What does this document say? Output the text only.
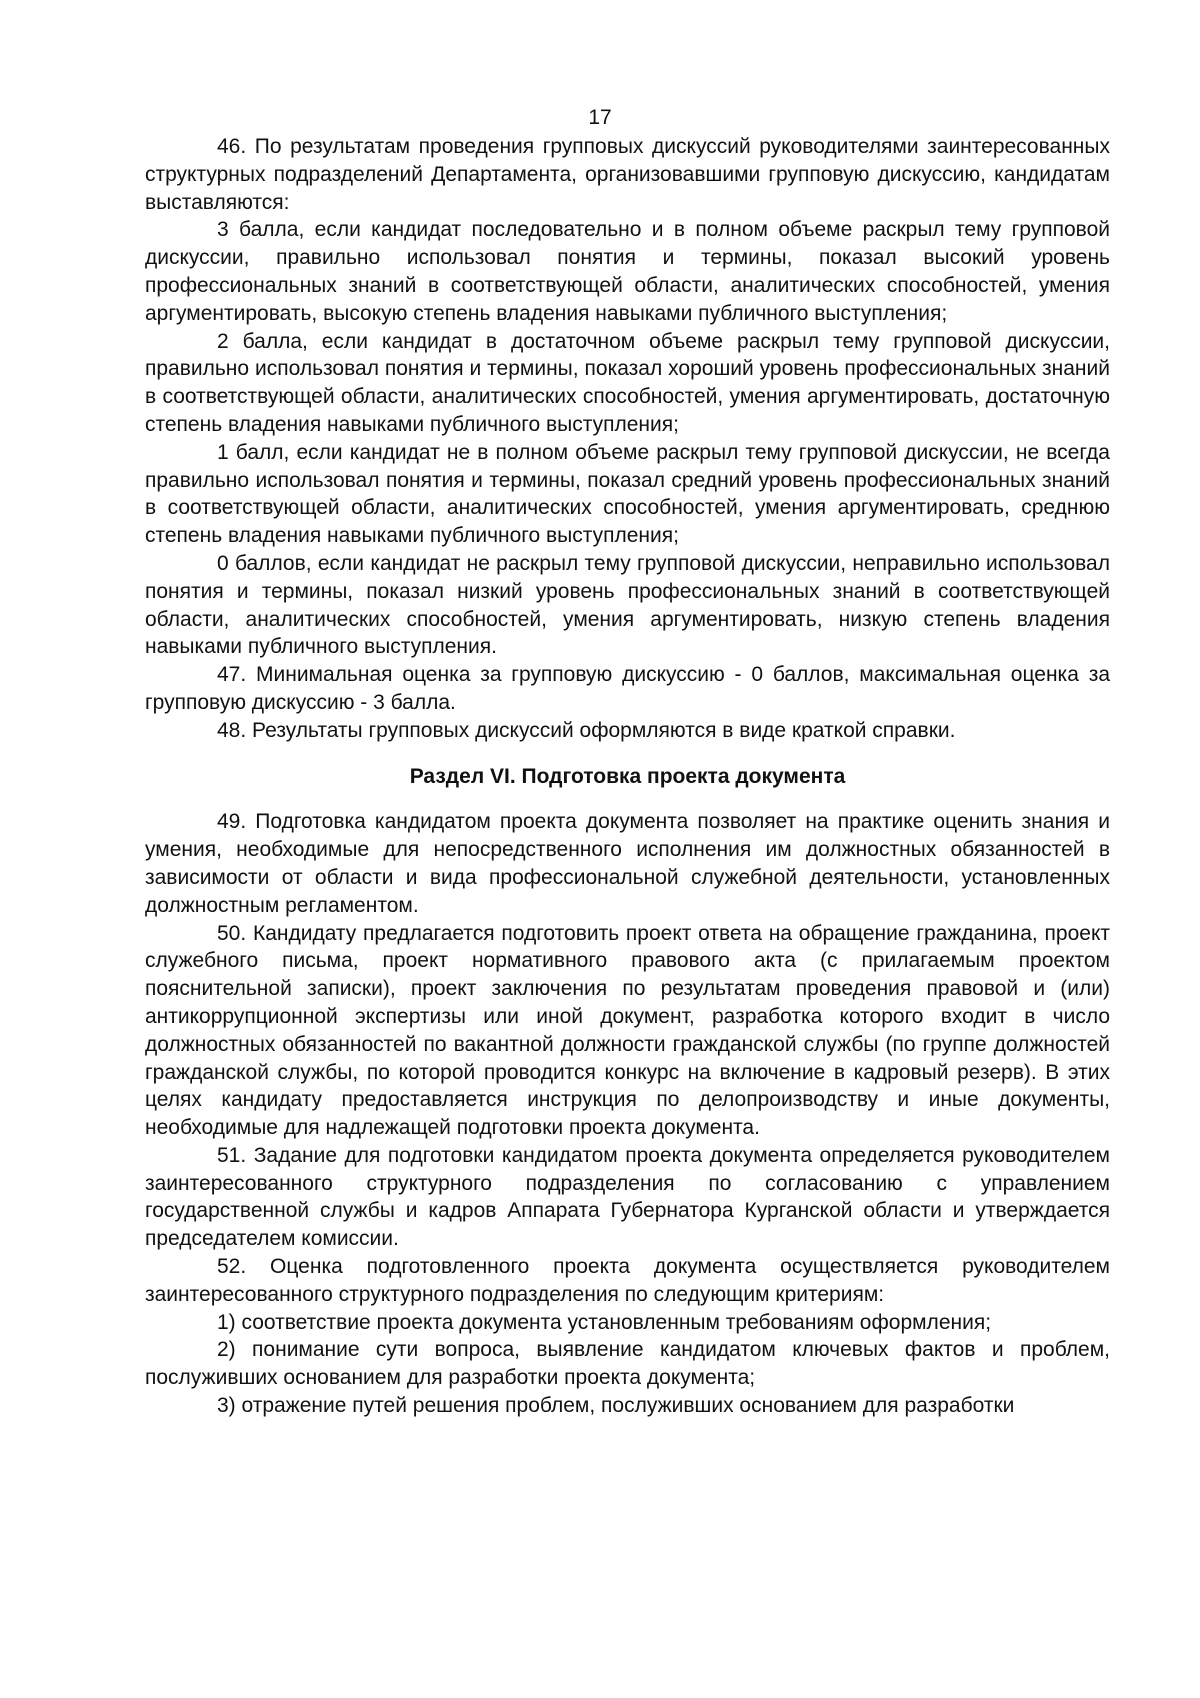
17

46. По результатам проведения групповых дискуссий руководителями заинтересованных структурных подразделений Департамента, организовавшими групповую дискуссию, кандидатам выставляются:

3 балла, если кандидат последовательно и в полном объеме раскрыл тему групповой дискуссии, правильно использовал понятия и термины, показал высокий уровень профессиональных знаний в соответствующей области, аналитических способностей, умения аргументировать, высокую степень владения навыками публичного выступления;

2 балла, если кандидат в достаточном объеме раскрыл тему групповой дискуссии, правильно использовал понятия и термины, показал хороший уровень профессиональных знаний в соответствующей области, аналитических способностей, умения аргументировать, достаточную степень владения навыками публичного выступления;

1 балл, если кандидат не в полном объеме раскрыл тему групповой дискуссии, не всегда правильно использовал понятия и термины, показал средний уровень профессиональных знаний в соответствующей области, аналитических способностей, умения аргументировать, среднюю степень владения навыками публичного выступления;

0 баллов, если кандидат не раскрыл тему групповой дискуссии, неправильно использовал понятия и термины, показал низкий уровень профессиональных знаний в соответствующей области, аналитических способностей, умения аргументировать, низкую степень владения навыками публичного выступления.

47. Минимальная оценка за групповую дискуссию - 0 баллов, максимальная оценка за групповую дискуссию - 3 балла.

48. Результаты групповых дискуссий оформляются в виде краткой справки.

Раздел VI. Подготовка проекта документа

49. Подготовка кандидатом проекта документа позволяет на практике оценить знания и умения, необходимые для непосредственного исполнения им должностных обязанностей в зависимости от области и вида профессиональной служебной деятельности, установленных должностным регламентом.

50. Кандидату предлагается подготовить проект ответа на обращение гражданина, проект служебного письма, проект нормативного правового акта (с прилагаемым проектом пояснительной записки), проект заключения по результатам проведения правовой и (или) антикоррупционной экспертизы или иной документ, разработка которого входит в число должностных обязанностей по вакантной должности гражданской службы (по группе должностей гражданской службы, по которой проводится конкурс на включение в кадровый резерв). В этих целях кандидату предоставляется инструкция по делопроизводству и иные документы, необходимые для надлежащей подготовки проекта документа.

51. Задание для подготовки кандидатом проекта документа определяется руководителем заинтересованного структурного подразделения по согласованию с управлением государственной службы и кадров Аппарата Губернатора Курганской области и утверждается председателем комиссии.

52. Оценка подготовленного проекта документа осуществляется руководителем заинтересованного структурного подразделения по следующим критериям:

1) соответствие проекта документа установленным требованиям оформления;

2) понимание сути вопроса, выявление кандидатом ключевых фактов и проблем, послуживших основанием для разработки проекта документа;

3) отражение путей решения проблем, послуживших основанием для разработки
